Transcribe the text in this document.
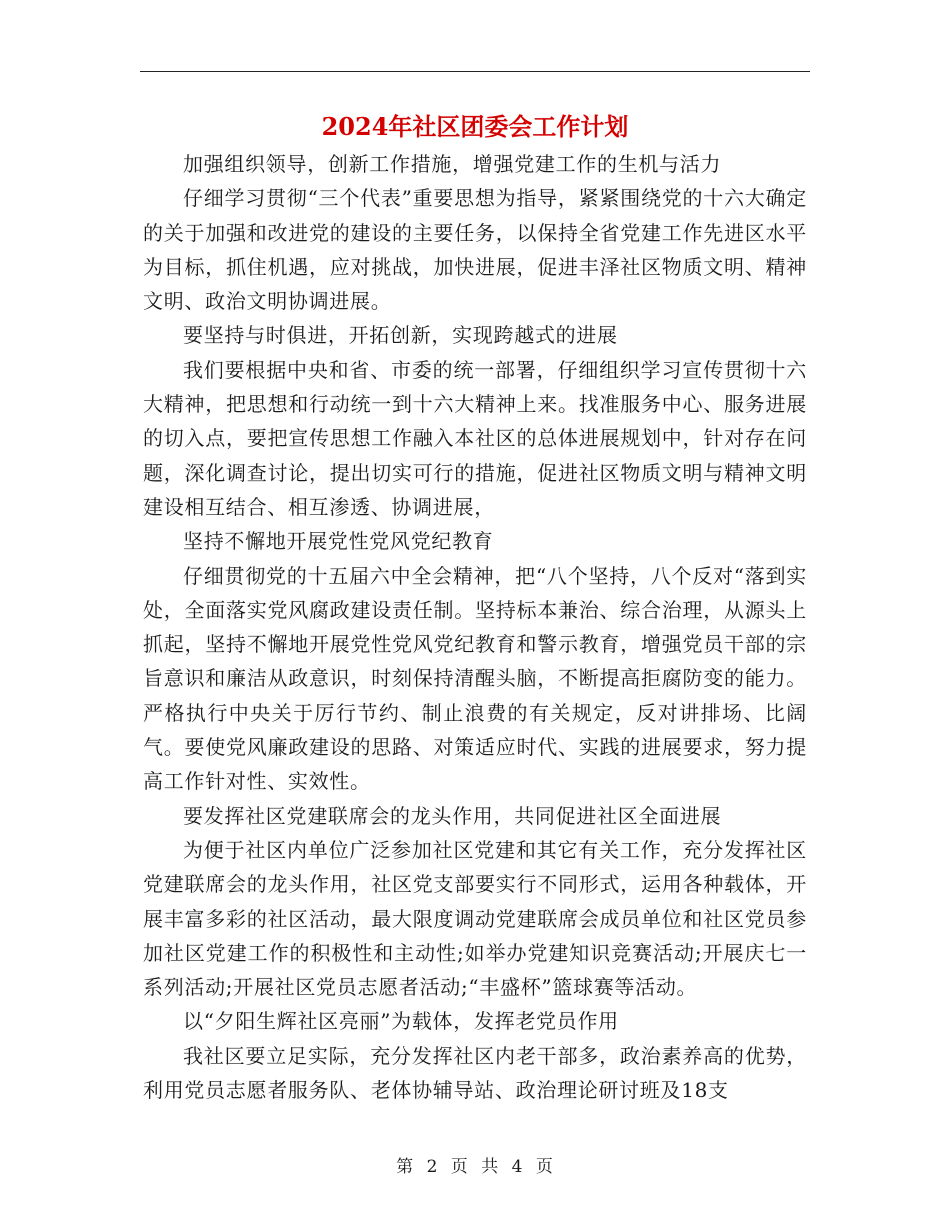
2024年社区团委会工作计划

加强组织领导，创新工作措施，增强党建工作的生机与活力

仔细学习贯彻“三个代表”重要思想为指导，紧紧围绕党的十六大确定的关于加强和改进党的建设的主要任务，以保持全省党建工作先进区水平为目标，抓住机遇，应对挑战，加快进展，促进丰泽社区物质文明、精神文明、政治文明协调进展。

要坚持与时俱进，开拓创新，实现跨越式的进展

我们要根据中央和省、市委的统一部署，仔细组织学习宣传贯彻十六大精神，把思想和行动统一到十六大精神上来。找准服务中心、服务进展的切入点，要把宣传思想工作融入本社区的总体进展规划中，针对存在问题，深化调查讨论，提出切实可行的措施，促进社区物质文明与精神文明建设相互结合、相互渗透、协调进展，

坚持不懈地开展党性党风党纪教育

仔细贯彻党的十五届六中全会精神，把“八个坚持，八个反对“落到实处，全面落实党风腐政建设责任制。坚持标本兼治、综合治理，从源头上抓起，坚持不懈地开展党性党风党纪教育和警示教育，增强党员干部的宗旨意识和廉洁从政意识，时刻保持清醒头脑，不断提高拒腐防变的能力。严格执行中央关于厉行节约、制止浪费的有关规定，反对讲排场、比阔气。要使党风廉政建设的思路、对策适应时代、实践的进展要求，努力提高工作针对性、实效性。

要发挥社区党建联席会的龙头作用，共同促进社区全面进展

为便于社区内单位广泛参加社区党建和其它有关工作，充分发挥社区党建联席会的龙头作用，社区党支部要实行不同形式，运用各种载体，开展丰富多彩的社区活动，最大限度调动党建联席会成员单位和社区党员参加社区党建工作的积极性和主动性;如举办党建知识竞赛活动;开展庆七一系列活动;开展社区党员志愿者活动;“丰盛杯”篮球赛等活动。

以“夕阳生辉社区亮丽”为载体，发挥老党员作用

我社区要立足实际，充分发挥社区内老干部多，政治素养高的优势，利用党员志愿者服务队、老体协辅导站、政治理论研讨班及18支

第 2 页 共 4 页
